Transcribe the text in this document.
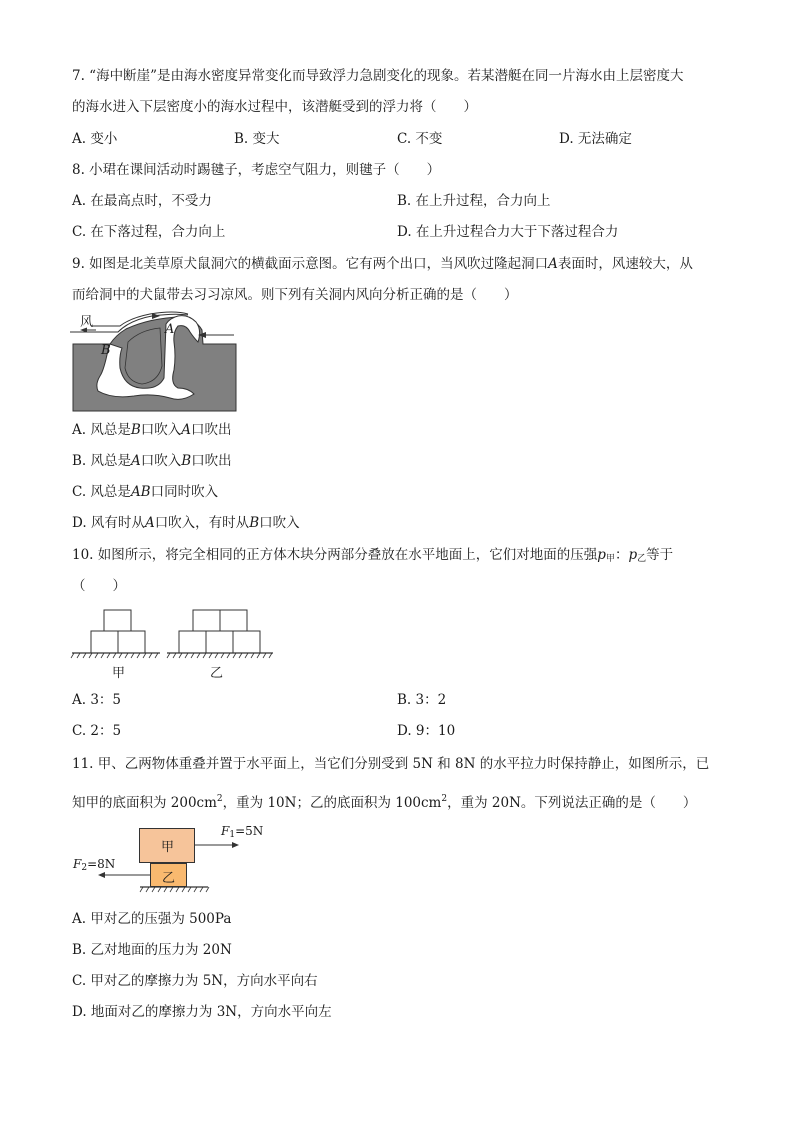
7. “海中断崖”是由海水密度异常变化而导致浮力急剧变化的现象。若某潜艇在同一片海水由上层密度大
的海水进入下层密度小的海水过程中，该潜艇受到的浮力将（　　）
A. 变小	B. 变大	C. 不变	D. 无法确定
8. 小珺在课间活动时踢毽子，考虑空气阻力，则毽子（　　）
A. 在最高点时，不受力	B. 在上升过程，合力向上
C. 在下落过程，合力向上	D. 在上升过程合力大于下落过程合力
9. 如图是北美草原犬鼠洞穴的横截面示意图。它有两个出口，当风吹过隆起洞口A表面时，风速较大，从
而给洞中的犬鼠带去习习凉风。则下列有关洞内风向分析正确的是（　　）
风	A
B
A. 风总是B口吹入A口吹出
B. 风总是A口吹入B口吹出
C. 风总是AB口同时吹入
D. 风有时从A口吹入，有时从B口吹入
10. 如图所示，将完全相同的正方体木块分两部分叠放在水平地面上，它们对地面的压强$p_甲$：$p_乙$等于
（　　）
甲	乙
A. 3：5	B. 3：2
C. 2：5	D. 9：10
11. 甲、乙两物体重叠并置于水平面上，当它们分别受到 5N 和 8N 的水平拉力时保持静止，如图所示，已
知甲的底面积为 $200cm^2$，重为 10N；乙的底面积为 $100cm^2$，重为 20N。下列说法正确的是（　　）
甲
乙
$F_1=5N$
$F_2=8N$
A. 甲对乙的压强为 500Pa
B. 乙对地面的压力为 20N
C. 甲对乙的摩擦力为 5N，方向水平向右
D. 地面对乙的摩擦力为 3N，方向水平向左
